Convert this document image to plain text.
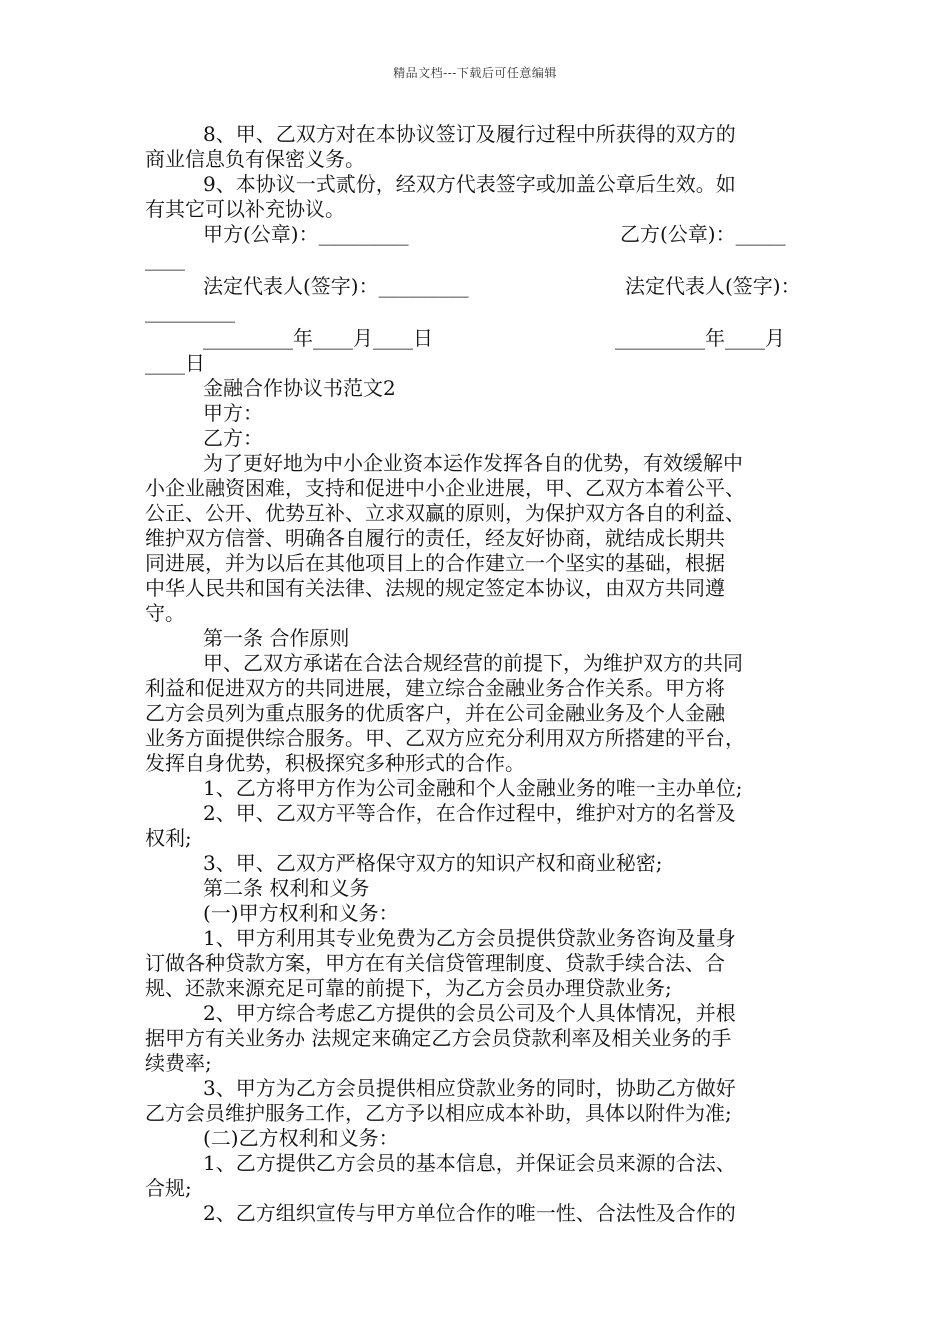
精品文档---下载后可任意编辑
8、甲、乙双方对在本协议签订及履行过程中所获得的双方的
商业信息负有保密义务。
9、本协议一式贰份，经双方代表签字或加盖公章后生效。如
有其它可以补充协议。
甲方(公章)：_________	乙方(公章)：_____
____
法定代表人(签字)：_________	法定代表人(签字)：
_________
_________年____月____日	_________年____月
____日
金融合作协议书范文2
甲方：
乙方：
为了更好地为中小企业资本运作发挥各自的优势，有效缓解中
小企业融资困难，支持和促进中小企业进展，甲、乙双方本着公平、
公正、公开、优势互补、立求双赢的原则，为保护双方各自的利益、
维护双方信誉、明确各自履行的责任，经友好协商，就结成长期共
同进展，并为以后在其他项目上的合作建立一个坚实的基础，根据
中华人民共和国有关法律、法规的规定签定本协议，由双方共同遵
守。
第一条 合作原则
甲、乙双方承诺在合法合规经营的前提下，为维护双方的共同
利益和促进双方的共同进展，建立综合金融业务合作关系。甲方将
乙方会员列为重点服务的优质客户，并在公司金融业务及个人金融
业务方面提供综合服务。甲、乙双方应充分利用双方所搭建的平台，
发挥自身优势，积极探究多种形式的合作。
1、乙方将甲方作为公司金融和个人金融业务的唯一主办单位;
2、甲、乙双方平等合作，在合作过程中，维护对方的名誉及
权利;
3、甲、乙双方严格保守双方的知识产权和商业秘密;
第二条 权利和义务
(一)甲方权利和义务：
1、甲方利用其专业免费为乙方会员提供贷款业务咨询及量身
订做各种贷款方案，甲方在有关信贷管理制度、贷款手续合法、合
规、还款来源充足可靠的前提下，为乙方会员办理贷款业务;
2、甲方综合考虑乙方提供的会员公司及个人具体情况，并根
据甲方有关业务办 法规定来确定乙方会员贷款利率及相关业务的手
续费率;
3、甲方为乙方会员提供相应贷款业务的同时，协助乙方做好
乙方会员维护服务工作，乙方予以相应成本补助，具体以附件为准;
(二)乙方权利和义务：
1、乙方提供乙方会员的基本信息，并保证会员来源的合法、
合规;
2、乙方组织宣传与甲方单位合作的唯一性、合法性及合作的
